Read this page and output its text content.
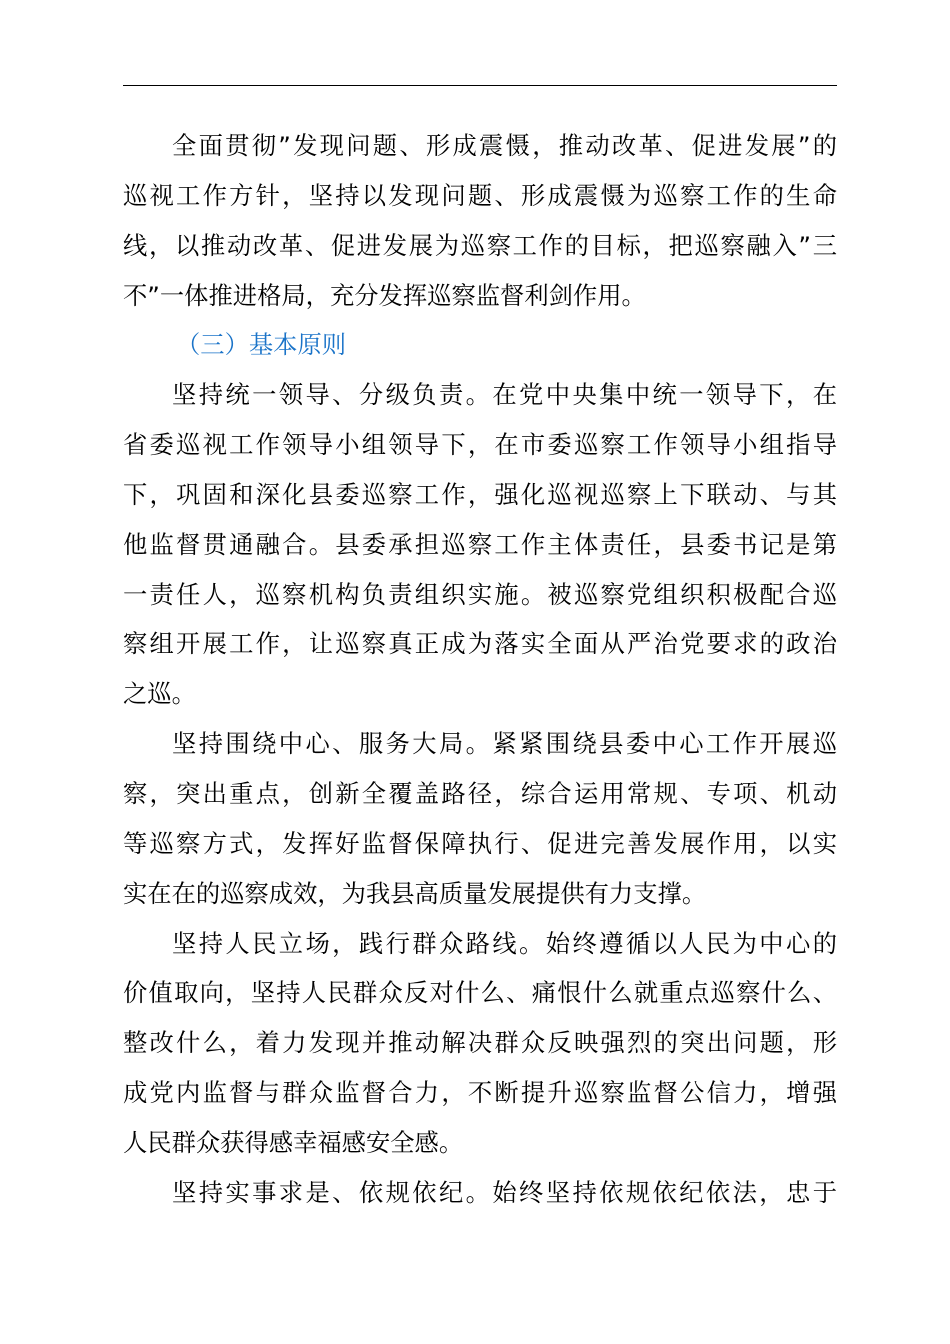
全面贯彻”发现问题、形成震慑，推动改革、促进发展”的
巡视工作方针，坚持以发现问题、形成震慑为巡察工作的生命
线，以推动改革、促进发展为巡察工作的目标，把巡察融入”三
不”一体推进格局，充分发挥巡察监督利剑作用。
（三）基本原则
坚持统一领导、分级负责。在党中央集中统一领导下，在
省委巡视工作领导小组领导下，在市委巡察工作领导小组指导
下，巩固和深化县委巡察工作，强化巡视巡察上下联动、与其
他监督贯通融合。县委承担巡察工作主体责任，县委书记是第
一责任人，巡察机构负责组织实施。被巡察党组织积极配合巡
察组开展工作，让巡察真正成为落实全面从严治党要求的政治
之巡。
坚持围绕中心、服务大局。紧紧围绕县委中心工作开展巡
察，突出重点，创新全覆盖路径，综合运用常规、专项、机动
等巡察方式，发挥好监督保障执行、促进完善发展作用，以实
实在在的巡察成效，为我县高质量发展提供有力支撑。
坚持人民立场，践行群众路线。始终遵循以人民为中心的
价值取向，坚持人民群众反对什么、痛恨什么就重点巡察什么、
整改什么，着力发现并推动解决群众反映强烈的突出问题，形
成党内监督与群众监督合力，不断提升巡察监督公信力，增强
人民群众获得感幸福感安全感。
坚持实事求是、依规依纪。始终坚持依规依纪依法，忠于
